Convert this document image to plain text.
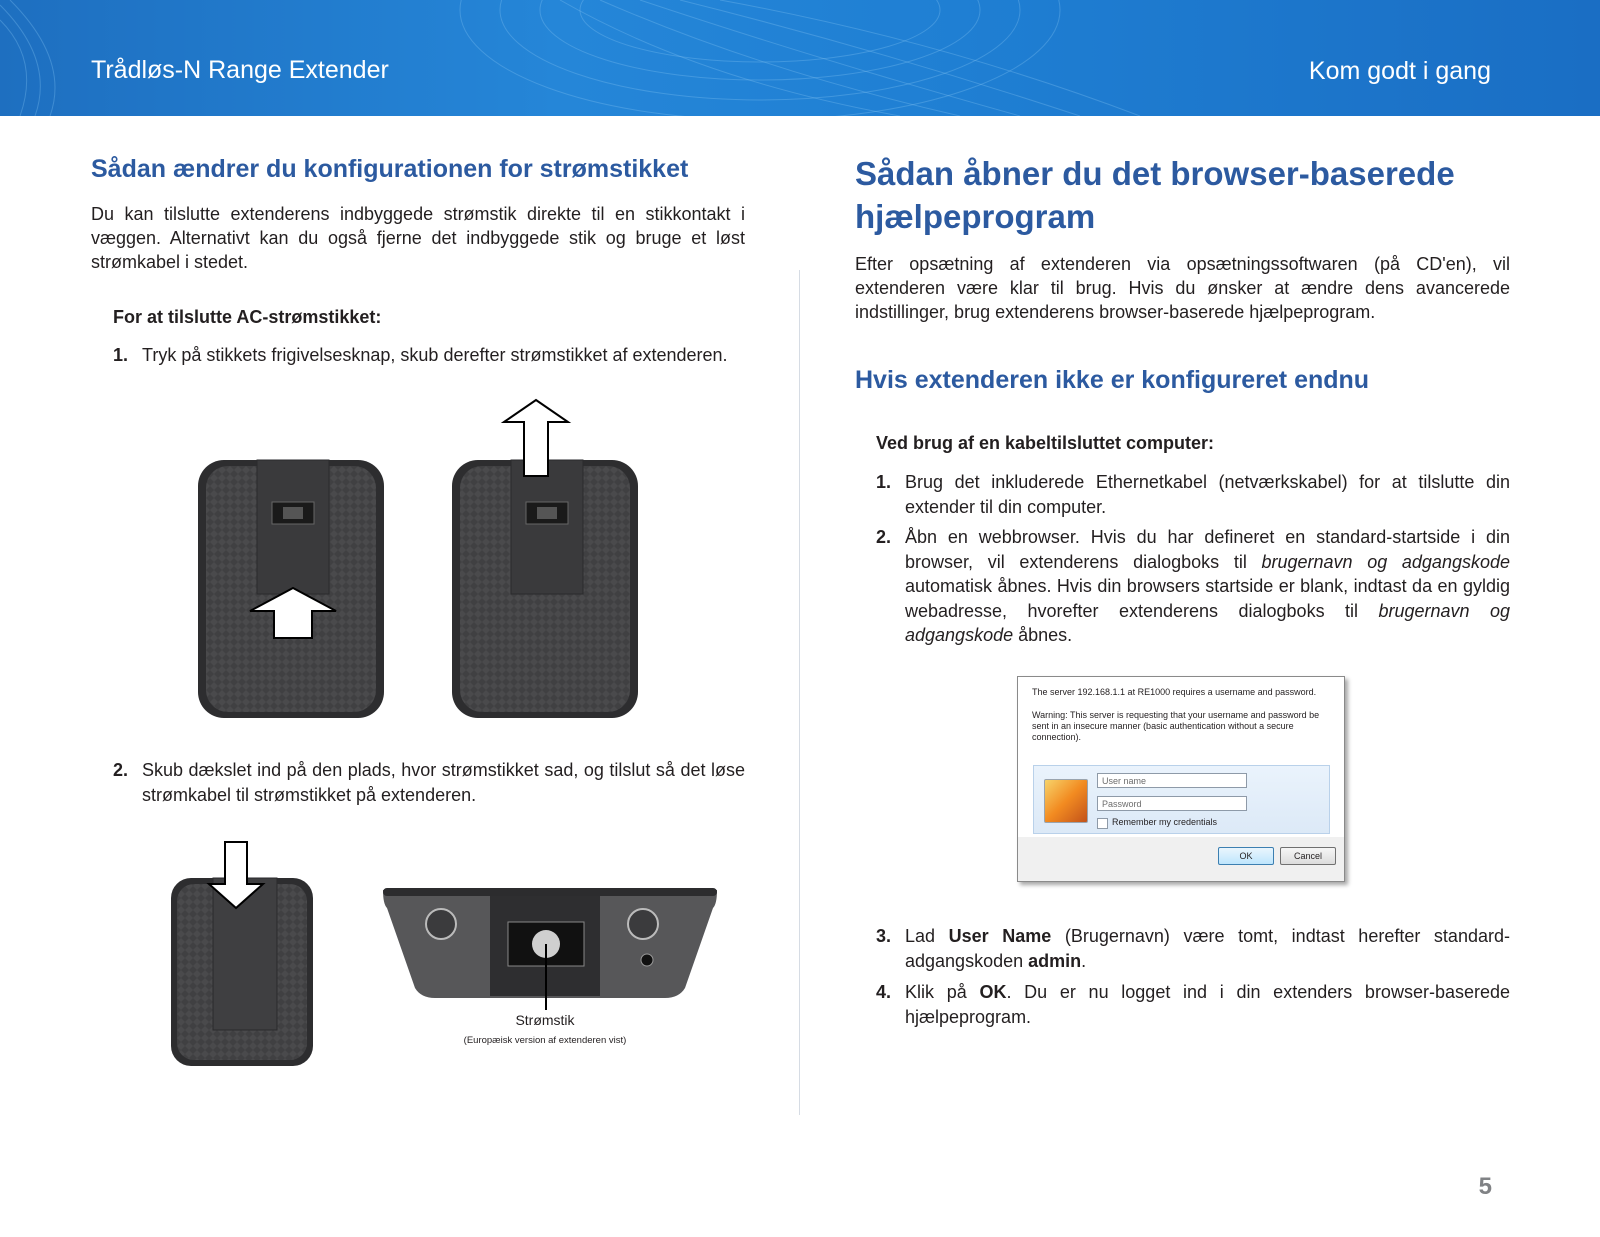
Trådløs-N Range Extender	Kom godt i gang
Sådan ændrer du konfigurationen for strømstikket
Du kan tilslutte extenderens indbyggede strømstik direkte til en stikkontakt i væggen. Alternativt kan du også fjerne det indbyggede stik og bruge et løst strømkabel i stedet.
For at tilslutte AC-strømstikket:
1. Tryk på stikkets frigivelsesknap, skub derefter strømstikket af extenderen.
2. Skub dækslet ind på den plads, hvor strømstikket sad, og tilslut så det løse strømkabel til strømstikket på extenderen.
Strømstik
(Europæisk version af extenderen vist)
Sådan åbner du det browser-baserede
hjælpeprogram
Efter opsætning af extenderen via opsætningssoftwaren (på CD'en), vil extenderen være klar til brug. Hvis du ønsker at ændre dens avancerede indstillinger, brug extenderens browser-baserede hjælpeprogram.
Hvis extenderen ikke er konfigureret endnu
Ved brug af en kabeltilsluttet computer:
1. Brug det inkluderede Ethernetkabel (netværkskabel) for at tilslutte din extender til din computer.
2. Åbn en webbrowser. Hvis du har defineret en standard-startside i din browser, vil extenderens dialogboks til brugernavn og adgangskode automatisk åbnes. Hvis din browsers startside er blank, indtast da en gyldig webadresse, hvorefter extenderens dialogboks til brugernavn og adgangskode åbnes.
The server 192.168.1.1 at RE1000 requires a username and password.
Warning: This server is requesting that your username and password be sent in an insecure manner (basic authentication without a secure connection).
User name
Password
Remember my credentials
OK	Cancel
3. Lad User Name (Brugernavn) være tomt, indtast herefter standard-adgangskoden admin.
4. Klik på OK. Du er nu logget ind i din extenders browser-baserede hjælpeprogram.
5
